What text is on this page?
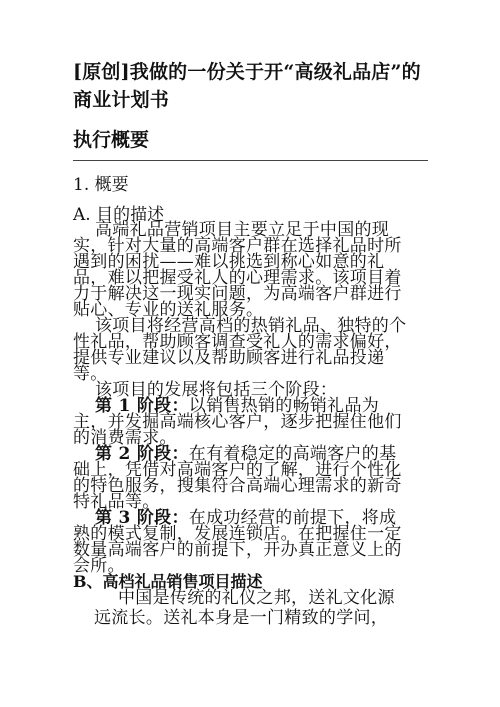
[原创]我做的一份关于开“高级礼品店”的商业计划书
执行概要
1. 概要
A. 目的描述

高端礼品营销项目主要立足于中国的现实，针对大量的高端客户群在选择礼品时所遇到的困扰——难以挑选到称心如意的礼品，难以把握受礼人的心理需求。该项目着力于解决这一现实问题，为高端客户群进行贴心、专业的送礼服务。

该项目将经营高档的热销礼品、独特的个性礼品，帮助顾客调查受礼人的需求偏好，提供专业建议以及帮助顾客进行礼品投递等。

该项目的发展将包括三个阶段：

第 1 阶段：以销售热销的畅销礼品为主，并发掘高端核心客户，逐步把握住他们的消费需求。

第 2 阶段：在有着稳定的高端客户的基础上，凭借对高端客户的了解，进行个性化的特色服务，搜集符合高端心理需求的新奇特礼品等。

第 3 阶段：在成功经营的前提下，将成熟的模式复制，发展连锁店。在把握住一定数量高端客户的前提下，开办真正意义上的会所。

B、高档礼品销售项目描述

中国是传统的礼仪之邦，送礼文化源

远流长。送礼本身是一门精致的学问，
